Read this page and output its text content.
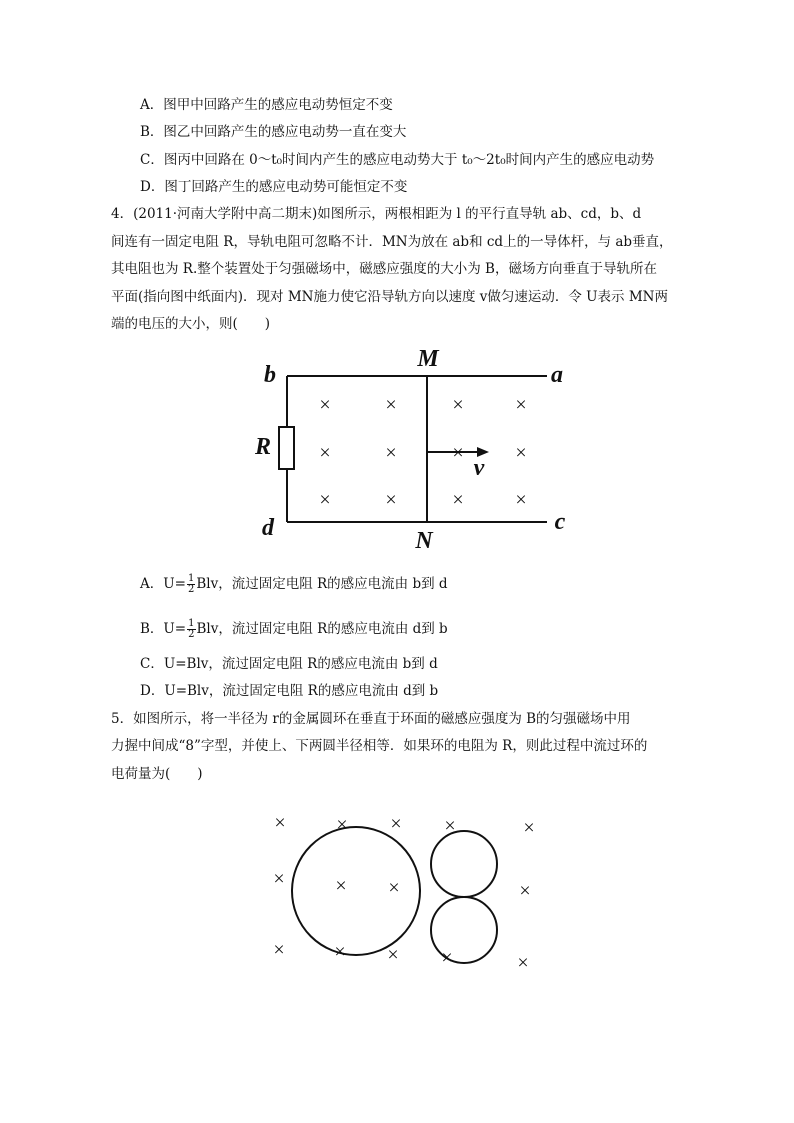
A．图甲中回路产生的感应电动势恒定不变
B．图乙中回路产生的感应电动势一直在变大
C．图丙中回路在 0～t₀时间内产生的感应电动势大于 t₀～2t₀时间内产生的感应电动势
D．图丁回路产生的感应电动势可能恒定不变
4．(2011·河南大学附中高二期末)如图所示，两根相距为 l 的平行直导轨 ab、cd，b、d
间连有一固定电阻 R，导轨电阻可忽略不计．MN为放在 ab和 cd上的一导体杆，与 ab垂直，
其电阻也为 R.整个装置处于匀强磁场中，磁感应强度的大小为 B，磁场方向垂直于导轨所在
平面(指向图中纸面内)．现对 MN施力使它沿导轨方向以速度 v做匀速运动．令 U表示 MN两
端的电压的大小，则(　　)
×	×	×	×
×	×	×	×
×	×	×	×
b
M
a
R
v
d	N
c
A．$U= \frac{1}{2}$ Blv，流过固定电阻 R的感应电流由 b到 d
B．$U= \frac{1}{2}$ Blv，流过固定电阻 R的感应电流由 d到 b
C．U=Blv，流过固定电阻 R的感应电流由 b到 d
D．U=Blv，流过固定电阻 R的感应电流由 d到 b
5．如图所示，将一半径为 r的金属圆环在垂直于环面的磁感应强度为 B的匀强磁场中用
力握中间成“8”字型，并使上、下两圆半径相等．如果环的电阻为 R，则此过程中流过环的
电荷量为(　　)
×	× × ×	×
×	× ×	×
× × × ×	×
